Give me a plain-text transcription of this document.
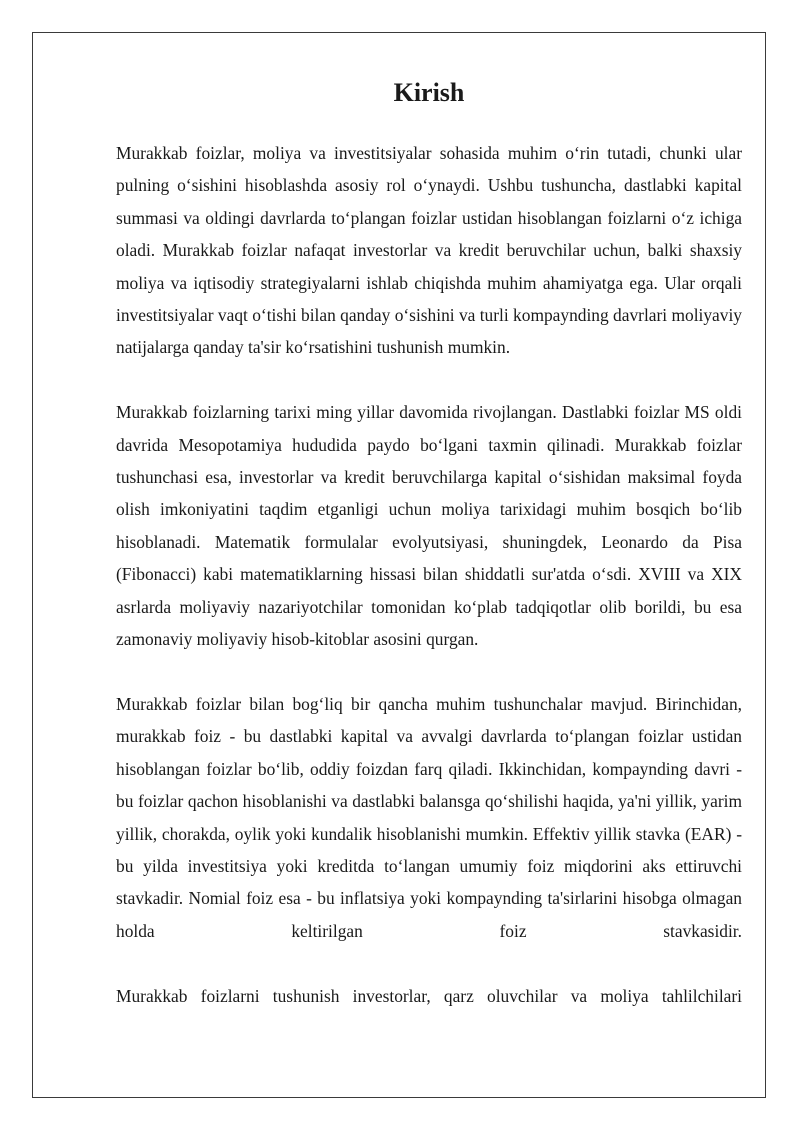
Kirish

Murakkab foizlar, moliya va investitsiyalar sohasida muhim o‘rin tutadi, chunki ular pulning o‘sishini hisoblashda asosiy rol o‘ynaydi. Ushbu tushuncha, dastlabki kapital summasi va oldingi davrlarda to‘plangan foizlar ustidan hisoblangan foizlarni o‘z ichiga oladi. Murakkab foizlar nafaqat investorlar va kredit beruvchilar uchun, balki shaxsiy moliya va iqtisodiy strategiyalarni ishlab chiqishda muhim ahamiyatga ega. Ular orqali investitsiyalar vaqt o‘tishi bilan qanday o‘sishini va turli kompaynding davrlari moliyaviy natijalarga qanday ta'sir ko‘rsatishini tushunish mumkin.

Murakkab foizlarning tarixi ming yillar davomida rivojlangan. Dastlabki foizlar MS oldi davrida Mesopotamiya hududida paydo bo‘lgani taxmin qilinadi. Murakkab foizlar tushunchasi esa, investorlar va kredit beruvchilarga kapital o‘sishidan maksimal foyda olish imkoniyatini taqdim etganligi uchun moliya tarixidagi muhim bosqich bo‘lib hisoblanadi. Matematik formulalar evolyutsiyasi, shuningdek, Leonardo da Pisa (Fibonacci) kabi matematiklarning hissasi bilan shiddatli sur'atda o‘sdi. XVIII va XIX asrlarda moliyaviy nazariyotchilar tomonidan ko‘plab tadqiqotlar olib borildi, bu esa zamonaviy moliyaviy hisob-kitoblar asosini qurgan.

Murakkab foizlar bilan bog‘liq bir qancha muhim tushunchalar mavjud. Birinchidan, murakkab foiz - bu dastlabki kapital va avvalgi davrlarda to‘plangan foizlar ustidan hisoblangan foizlar bo‘lib, oddiy foizdan farq qiladi. Ikkinchidan, kompaynding davri - bu foizlar qachon hisoblanishi va dastlabki balansga qo‘shilishi haqida, ya'ni yillik, yarim yillik, chorakda, oylik yoki kundalik hisoblanishi mumkin. Effektiv yillik stavka (EAR) - bu yilda investitsiya yoki kreditda to‘langan umumiy foiz miqdorini aks ettiruvchi stavkadir. Nomial foiz esa - bu inflatsiya yoki kompaynding ta'sirlarini hisobga olmagan holda keltirilgan foiz stavkasidir.

Murakkab foizlarni tushunish investorlar, qarz oluvchilar va moliya tahlilchilari
